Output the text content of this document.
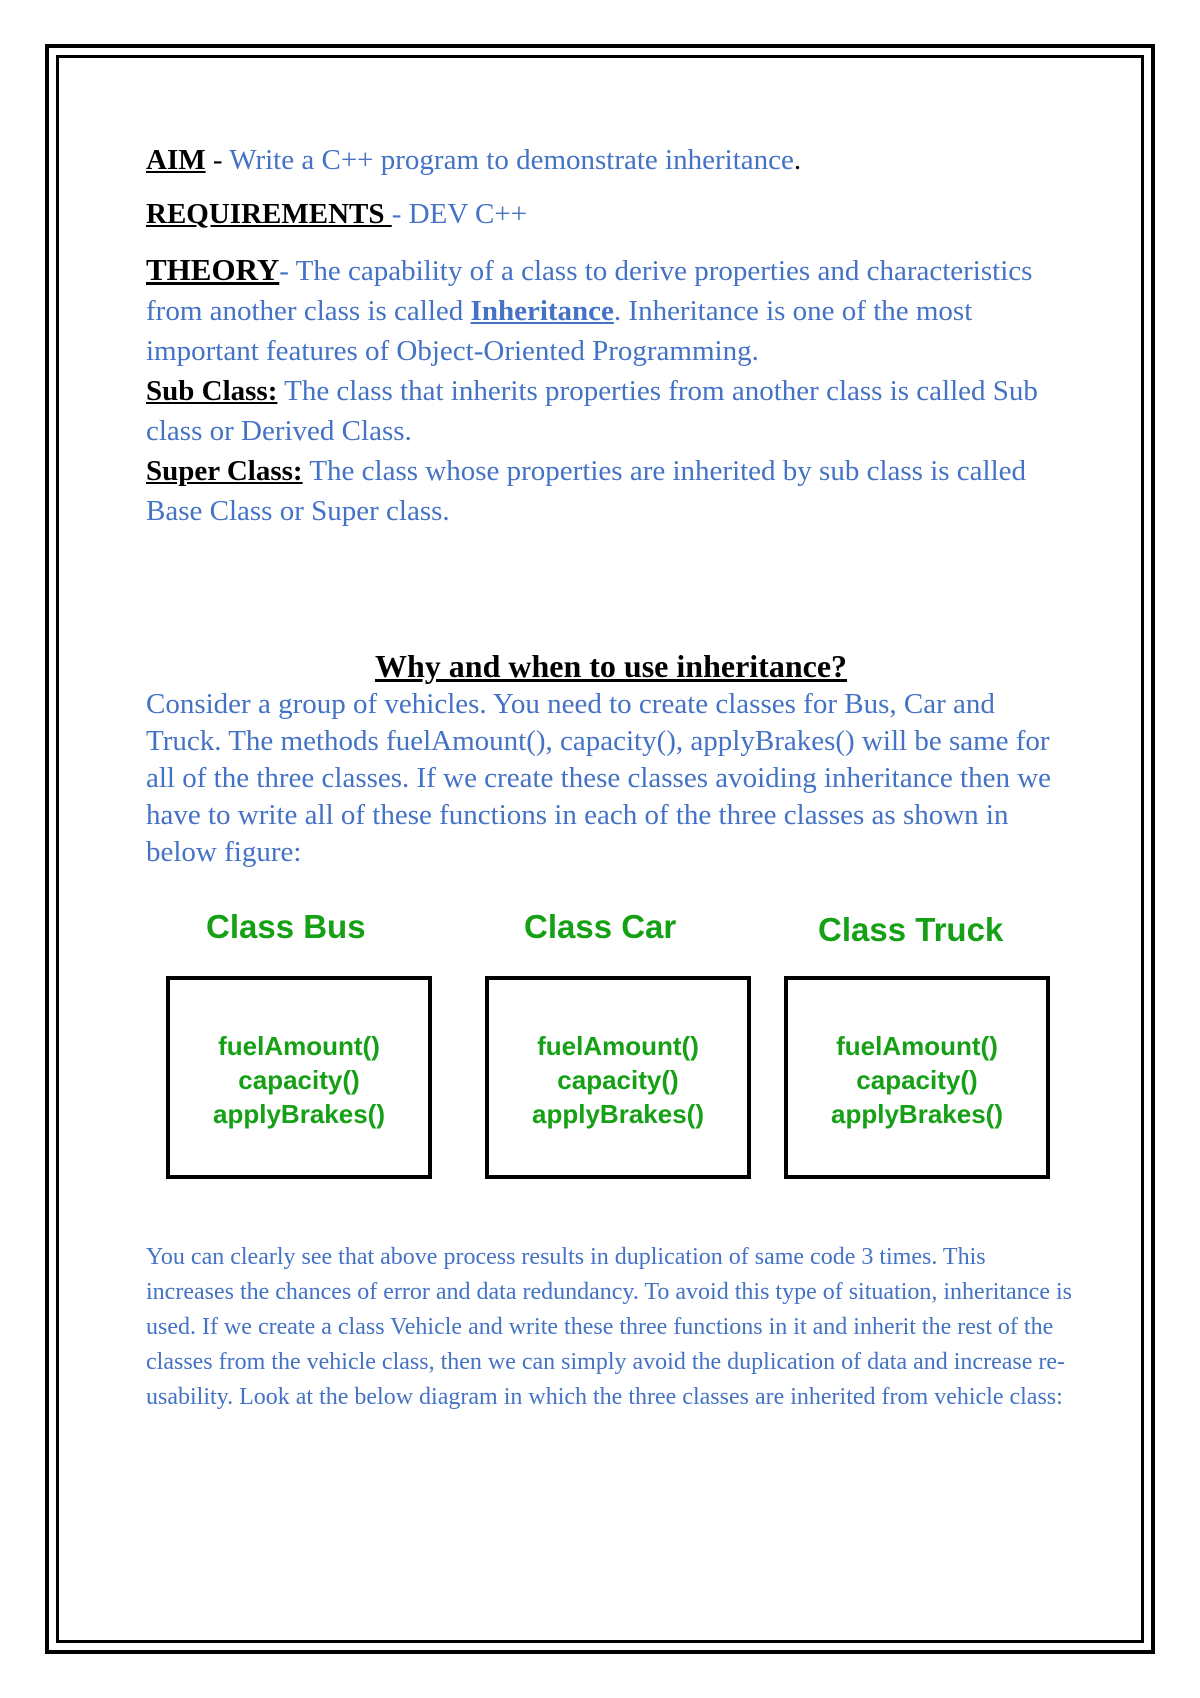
AIM - Write a C++ program to demonstrate inheritance.

REQUIREMENTS - DEV C++

THEORY- The capability of a class to derive properties and characteristics from another class is called Inheritance. Inheritance is one of the most important features of Object-Oriented Programming.

Sub Class: The class that inherits properties from another class is called Sub class or Derived Class.

Super Class: The class whose properties are inherited by sub class is called Base Class or Super class.

Why and when to use inheritance?
Consider a group of vehicles. You need to create classes for Bus, Car and Truck. The methods fuelAmount(), capacity(), applyBrakes() will be same for all of the three classes. If we create these classes avoiding inheritance then we have to write all of these functions in each of the three classes as shown in below figure:
Class Bus	Class Car	Class Truck
fuelAmount()
capacity()
applyBrakes()
fuelAmount()
capacity()
applyBrakes()
fuelAmount()
capacity()
applyBrakes()
You can clearly see that above process results in duplication of same code 3 times. This increases the chances of error and data redundancy. To avoid this type of situation, inheritance is used. If we create a class Vehicle and write these three functions in it and inherit the rest of the classes from the vehicle class, then we can simply avoid the duplication of data and increase re-usability. Look at the below diagram in which the three classes are inherited from vehicle class:
